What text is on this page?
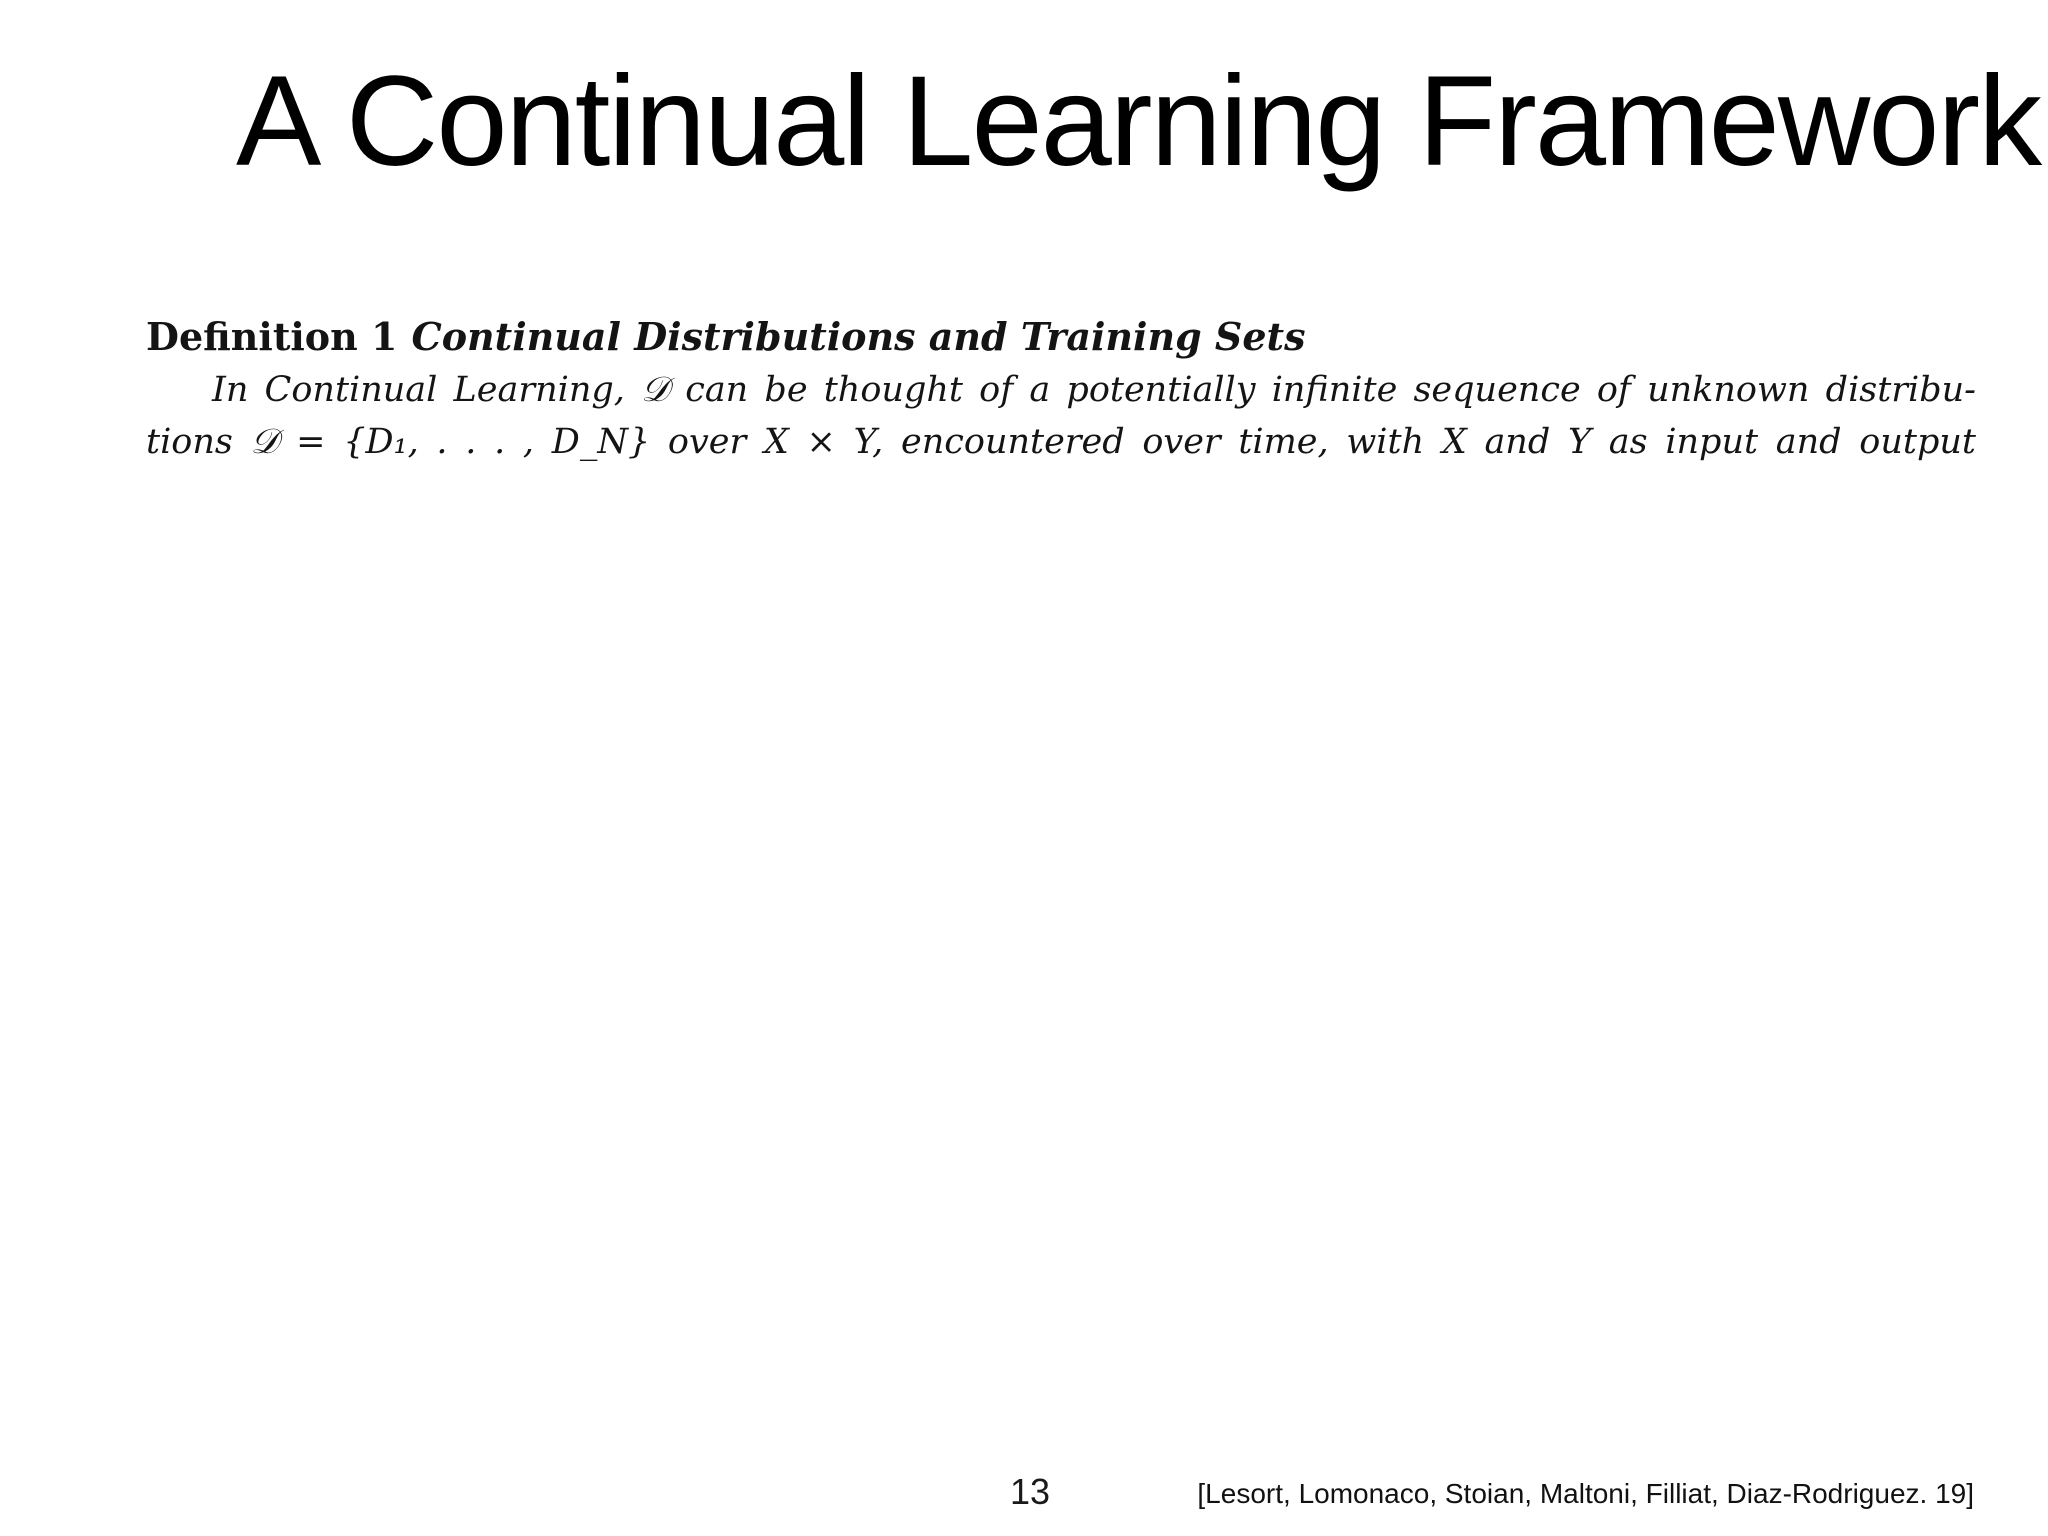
A Continual Learning Framework
Definition 1 Continual Distributions and Training Sets
In Continual Learning, 𝒟 can be thought of a potentially infinite sequence of unknown distribu-
tions 𝒟 = {D₁, . . . , D_N} over X × Y, encountered over time, with X and Y as input and output
13	[Lesort, Lomonaco, Stoian, Maltoni, Filliat, Diaz-Rodriguez. 19]
